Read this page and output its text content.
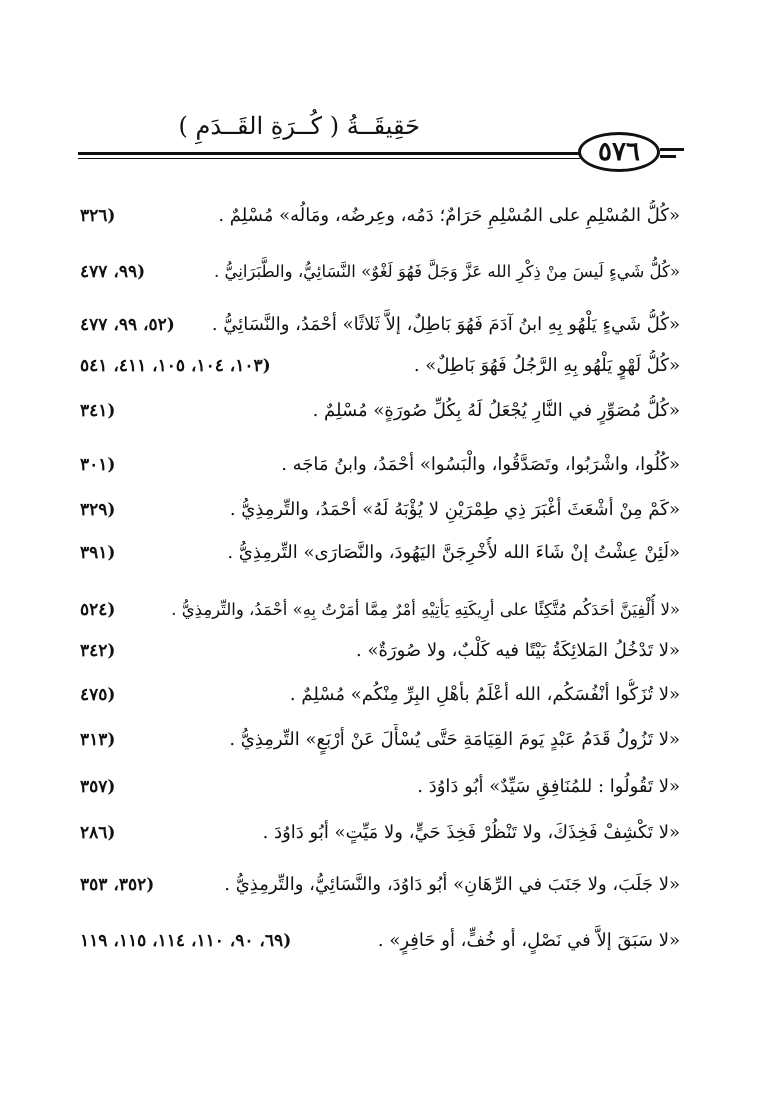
حَقِيقَــةُ ( كُــرَةِ القَــدَمِ )
٥٧٦
«كُلُّ المُسْلِمِ على المُسْلِمِ حَرَامٌ؛ دَمُه، وعِرضُه، ومَالُه» مُسْلِمٌ .
(٣٢٦
«كُلُّ شَيءٍ لَيسَ مِنْ ذِكْرِ الله عَزَّ وَجَلَّ فَهُوَ لَغْوٌ» النَّسَائِيُّ، والطَّبَرَانِيُّ .
(٩٩، ٤٧٧
«كُلُّ شَيءٍ يَلْهُو بِهِ ابنُ آدَمَ فَهُوَ بَاطِلٌ، إلاَّ ثَلاثًا» أحْمَدُ، والنَّسَائِيُّ .
(٥٢، ٩٩، ٤٧٧
«كُلُّ لَهْوٍ يَلْهُو بِهِ الرَّجُلُ فَهُوَ بَاطِلٌ» .
(١٠٣، ١٠٤، ١٠٥، ٤١١، ٥٤١
«كُلُّ مُصَوِّرٍ في النَّارِ يُجْعَلُ لَهُ بِكُلِّ صُورَةٍ» مُسْلِمٌ .
(٣٤١
«كُلُوا، واشْرَبُوا، وتَصَدَّقُوا، والْبَسُوا» أحْمَدُ، وابنُ مَاجَه .
(٣٠١
«كَمْ مِنْ أشْعَثَ أغْبَرَ ذِي طِمْرَيْنِ لا يُؤْبَهُ لَهُ» أحْمَدُ، والتِّرمِذِيُّ .
(٣٢٩
«لَئِنْ عِشْتُ إنْ شَاءَ الله لأُخْرِجَنَّ اليَهُودَ، والنَّصَارَى» التِّرمِذِيُّ .
(٣٩١
«لا أُلْفِيَنَّ أحَدَكُم مُتَّكِئًا على أرِيكَتِهِ يَأتِيْهِ أمْرٌ مِمَّا أمَرْتُ بِهِ» أحْمَدُ، والتِّرمِذِيُّ .
(٥٢٤
«لا تَدْخُلُ المَلائِكَةُ بَيْتًا فيه كَلْبٌ، ولا صُورَةٌ» .
(٣٤٢
«لا تُزَكُّوا أنْفُسَكُم، الله أعْلَمُ بأهْلِ البِرِّ مِنْكُم» مُسْلِمٌ .
(٤٧٥
«لا تَزُولُ قَدَمُ عَبْدٍ يَومَ القِيَامَةِ حَتَّى يُسْأَلَ عَنْ أرْبَعٍ» التِّرمِذِيُّ .
(٣١٣
«لا تَقُولُوا : للمُنَافِقِ سَيِّدٌ» أبُو دَاوُدَ .
(٣٥٧
«لا تَكْشِفْ فَخِذَكَ، ولا تَنْظُرْ فَخِذَ حَيٍّ، ولا مَيِّتٍ» أبُو دَاوُدَ .
(٢٨٦
«لا جَلَبَ، ولا جَنَبَ في الرِّهَانِ» أبُو دَاوُدَ، والنَّسَائِيُّ، والتِّرمِذِيُّ .
(٣٥٢، ٣٥٣
«لا سَبَقَ إلاَّ في نَصْلٍ، أو خُفٍّ، أو حَافِرٍ» .
(٦٩، ٩٠، ١١٠، ١١٤، ١١٥، ١١٩
